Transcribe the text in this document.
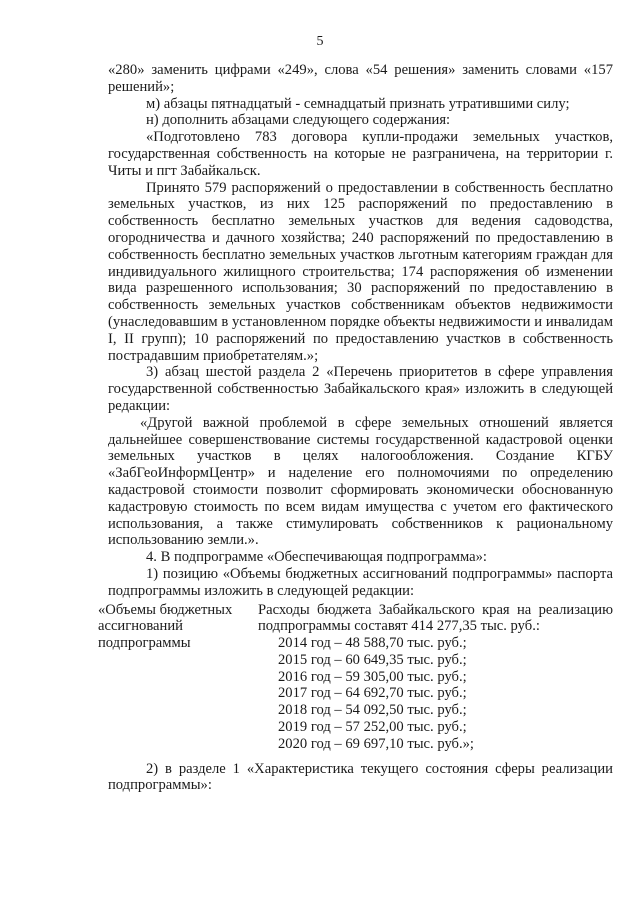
5

«280» заменить цифрами «249», слова «54 решения» заменить словами «157 решений»;

м) абзацы пятнадцатый - семнадцатый признать утратившими силу;

н) дополнить абзацами следующего содержания:

«Подготовлено 783 договора купли-продажи земельных участков, государственная собственность на которые не разграничена, на территории г. Читы и пгт Забайкальск.

Принято 579 распоряжений о предоставлении в собственность бесплатно земельных участков, из них 125 распоряжений по предоставлению в собственность бесплатно земельных участков для ведения садоводства, огородничества и дачного хозяйства; 240 распоряжений по предоставлению в собственность бесплатно земельных участков льготным категориям граждан для индивидуального жилищного строительства; 174 распоряжения об изменении вида разрешенного использования; 30 распоряжений по предоставлению в собственность земельных участков собственникам объектов недвижимости (унаследовавшим в установленном порядке объекты недвижимости и инвалидам I, II групп); 10 распоряжений по предоставлению участков в собственность пострадавшим приобретателям.»;

3) абзац шестой раздела 2 «Перечень приоритетов в сфере управления государственной собственностью Забайкальского края» изложить в следующей редакции:

«Другой важной проблемой в сфере земельных отношений является дальнейшее совершенствование системы государственной кадастровой оценки земельных участков в целях налогообложения. Создание КГБУ «ЗабГеоИнформЦентр» и наделение его полномочиями по определению кадастровой стоимости позволит сформировать экономически обоснованную кадастровую стоимость по всем видам имущества с учетом его фактического использования, а также стимулировать собственников к рациональному использованию земли.».

4. В подпрограмме «Обеспечивающая подпрограмма»:

1) позицию «Объемы бюджетных ассигнований подпрограммы» паспорта подпрограммы изложить в следующей редакции:

«Объемы бюджетных ассигнований подпрограммы

Расходы бюджета Забайкальского края на реализацию подпрограммы составят 414 277,35 тыс. руб.:

2014 год – 48 588,70 тыс. руб.;

2015 год – 60 649,35 тыс. руб.;

2016 год – 59 305,00 тыс. руб.;

2017 год – 64 692,70 тыс. руб.;

2018 год – 54 092,50 тыс. руб.;

2019 год – 57 252,00 тыс. руб.;

2020 год – 69 697,10 тыс. руб.»;

2) в разделе 1 «Характеристика текущего состояния сферы реализации подпрограммы»:
